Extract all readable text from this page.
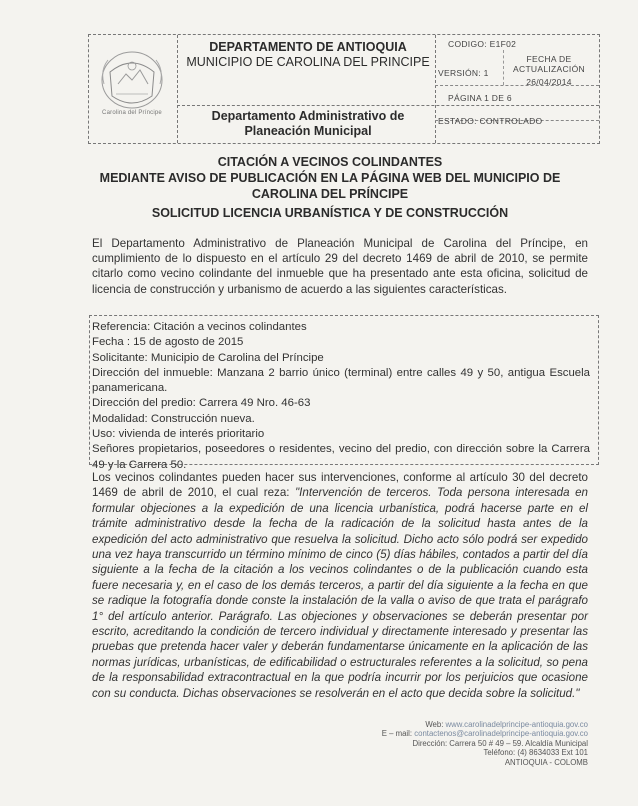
Carolina del Príncipe
DEPARTAMENTO DE ANTIOQUIA
MUNICIPIO DE CAROLINA DEL PRINCIPE
Departamento Administrativo de Planeación Municipal
CODIGO: E1F02
VERSIÓN: 1
FECHA DE ACTUALIZACIÓN
26/04/2014
PÁGINA 1 DE 6
ESTADO: CONTROLADO
CITACIÓN A VECINOS COLINDANTES
MEDIANTE AVISO DE PUBLICACIÓN EN LA PÁGINA WEB DEL MUNICIPIO DE
CAROLINA DEL PRÍNCIPE
SOLICITUD LICENCIA URBANÍSTICA Y DE CONSTRUCCIÓN
El Departamento Administrativo de Planeación Municipal de Carolina del Príncipe, en cumplimiento de lo dispuesto en el artículo 29 del decreto 1469 de abril de 2010, se permite citarlo como vecino colindante del inmueble que ha presentado ante esta oficina, solicitud de licencia de construcción y urbanismo de acuerdo a las siguientes características.
Referencia: Citación a vecinos colindantes
Fecha : 15 de agosto de 2015
Solicitante: Municipio de Carolina del Príncipe
Dirección del inmueble: Manzana 2 barrio único (terminal) entre calles 49 y 50, antigua Escuela panamericana.
Dirección del predio: Carrera 49 Nro. 46-63
Modalidad: Construcción nueva.
Uso: vivienda de interés prioritario
Señores propietarios, poseedores o residentes, vecino del predio, con dirección sobre la Carrera 49 y la Carrera 50.
Los vecinos colindantes pueden hacer sus intervenciones, conforme al artículo 30 del decreto 1469 de abril de 2010, el cual reza: "Intervención de terceros. Toda persona interesada en formular objeciones a la expedición de una licencia urbanística, podrá hacerse parte en el trámite administrativo desde la fecha de la radicación de la solicitud hasta antes de la expedición del acto administrativo que resuelva la solicitud. Dicho acto sólo podrá ser expedido una vez haya transcurrido un término mínimo de cinco (5) días hábiles, contados a partir del día siguiente a la fecha de la citación a los vecinos colindantes o de la publicación cuando esta fuere necesaria y, en el caso de los demás terceros, a partir del día siguiente a la fecha en que se radique la fotografía donde conste la instalación de la valla o aviso de que trata el parágrafo 1° del artículo anterior. Parágrafo. Las objeciones y observaciones se deberán presentar por escrito, acreditando la condición de tercero individual y directamente interesado y presentar las pruebas que pretenda hacer valer y deberán fundamentarse únicamente en la aplicación de las normas jurídicas, urbanísticas, de edificabilidad o estructurales referentes a la solicitud, so pena de la responsabilidad extracontractual en la que podría incurrir por los perjuicios que ocasione con su conducta. Dichas observaciones se resolverán en el acto que decida sobre la solicitud."
Web: www.carolinadelprincipe-antioquia.gov.co
E – mail: contactenos@carolinadelprincipe-antioquia.gov.co
Dirección: Carrera 50 # 49 – 59. Alcaldía Municipal
Teléfono: (4) 8634033 Ext 101
ANTIOQUIA - COLOMB
